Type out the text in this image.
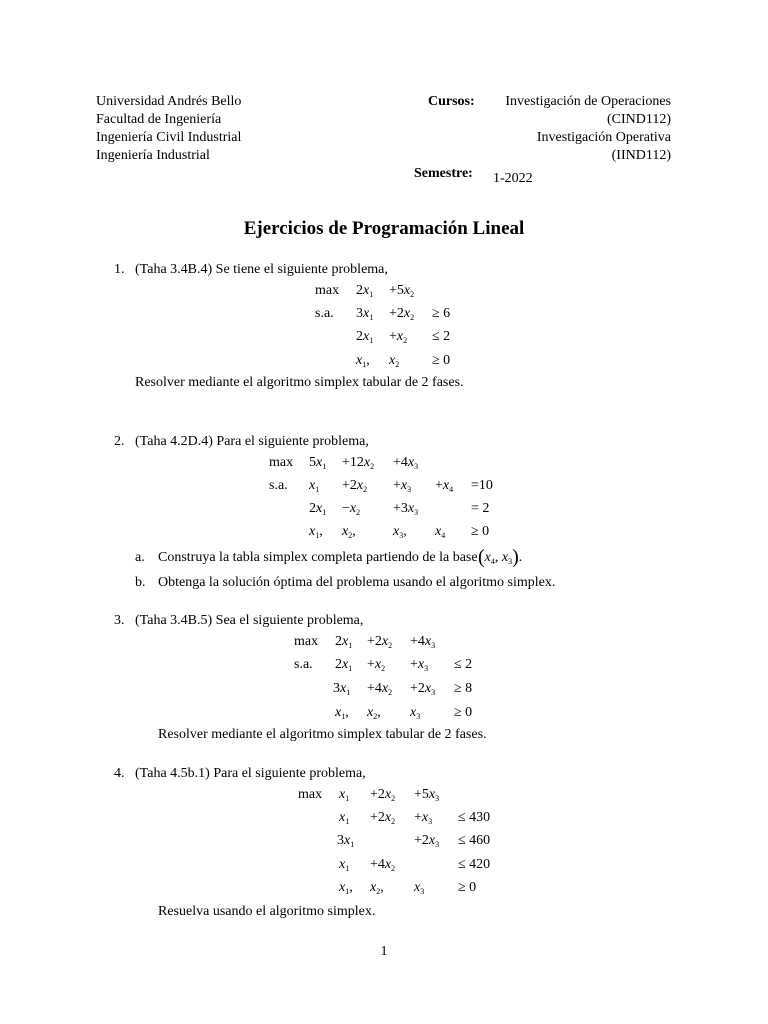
Universidad Andrés Bello
Facultad de Ingeniería
Ingeniería Civil Industrial
Ingeniería Industrial
Cursos: Investigación de Operaciones
(CIND112)
Investigación Operativa
(IIND112)
Semestre: 1-2022
Ejercicios de Programación Lineal
1. (Taha 3.4B.4) Se tiene el siguiente problema,
$\max 2x_1 +5x_2$
s.a. $3x_1 +2x_2 \ge 6$
$2x_1 +x_2 \le 2$
$x_1$, $x_2 \ge 0$
Resolver mediante el algoritmo simplex tabular de 2 fases.
2. (Taha 4.2D.4) Para el siguiente problema,
$\max 5x_1 +12x_2 +4x_3$
s.a. $x_1 +2x_2 +x_3 +x_4 =10$
$2x_1 -x_2 +3x_3$	= 2
$x_1$, $x_2$,	$x_3$, $x_4 \ge 0$
a. Construya la tabla simplex completa partiendo de la base ($x_4$, $x_3$).
b. Obtenga la solución óptima del problema usando el algoritmo simplex.
3. (Taha 3.4B.5) Sea el siguiente problema,
$\max 2x_1 +2x_2 +4x_3$
s.a. $2x_1 +x_2 +x_3 \le 2$
$3x_1 +4x_2 +2x_3 \ge 8$
$x_1$, $x_2$, $x_3 \ge 0$
Resolver mediante el algoritmo simplex tabular de 2 fases.
4. (Taha 4.5b.1) Para el siguiente problema,
$\max x_1 +2x_2 +5x_3$
$x_1 +2x_2 +x_3 \le 430$
$3x_1$	$+2x_3 \le 460$
$x_1 +4x_2$	≤ 420
$x_1$, $x_2$, $x_3 \ge 0$
Resuelva usando el algoritmo simplex.
1
